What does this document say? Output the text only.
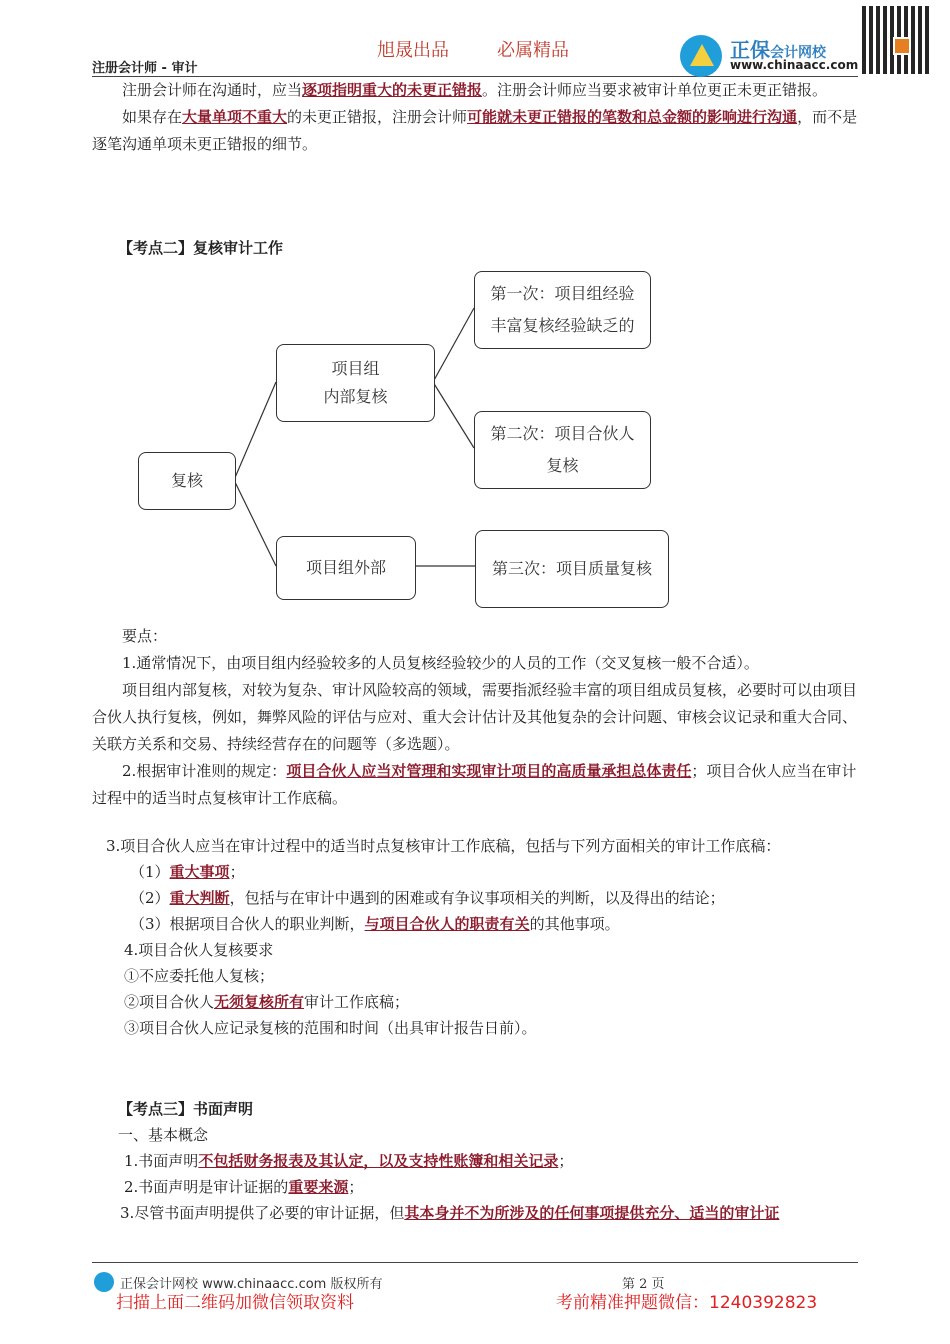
旭晟出品	必属精品
注册会计师 - 审计
正保会计网校
www.chinaacc.com

注册会计师在沟通时，应当逐项指明重大的未更正错报。注册会计师应当要求被审计单位更正未更正错报。

如果存在大量单项不重大的未更正错报，注册会计师可能就未更正错报的笔数和总金额的影响进行沟通，而不是逐笔沟通单项未更正错报的细节。

【考点二】复核审计工作
复核
项目组
内部复核
项目组外部
第一次：项目组经验
丰富复核经验缺乏的
第二次：项目合伙人
复核
第三次：项目质量复核

要点：

1.通常情况下，由项目组内经验较多的人员复核经验较少的人员的工作（交叉复核一般不合适）。

项目组内部复核，对较为复杂、审计风险较高的领域，需要指派经验丰富的项目组成员复核，必要时可以由项目合伙人执行复核，例如，舞弊风险的评估与应对、重大会计估计及其他复杂的会计问题、审核会议记录和重大合同、关联方关系和交易、持续经营存在的问题等（多选题）。

2.根据审计准则的规定：项目合伙人应当对管理和实现审计项目的高质量承担总体责任；项目合伙人应当在审计过程中的适当时点复核审计工作底稿。

3.项目合伙人应当在审计过程中的适当时点复核审计工作底稿，包括与下列方面相关的审计工作底稿：
（1）重大事项；
（2）重大判断，包括与在审计中遇到的困难或有争议事项相关的判断，以及得出的结论；
（3）根据项目合伙人的职业判断，与项目合伙人的职责有关的其他事项。
4.项目合伙人复核要求
①不应委托他人复核；
②项目合伙人无须复核所有审计工作底稿；
③项目合伙人应记录复核的范围和时间（出具审计报告日前）。
【考点三】书面声明
一、基本概念
1.书面声明不包括财务报表及其认定，以及支持性账簿和相关记录；
2.书面声明是审计证据的重要来源；
3.尽管书面声明提供了必要的审计证据，但其本身并不为所涉及的任何事项提供充分、适当的审计证
正保会计网校 www.chinaacc.com 版权所有	第 2 页
扫描上面二维码加微信领取资料	考前精准押题微信：1240392823
